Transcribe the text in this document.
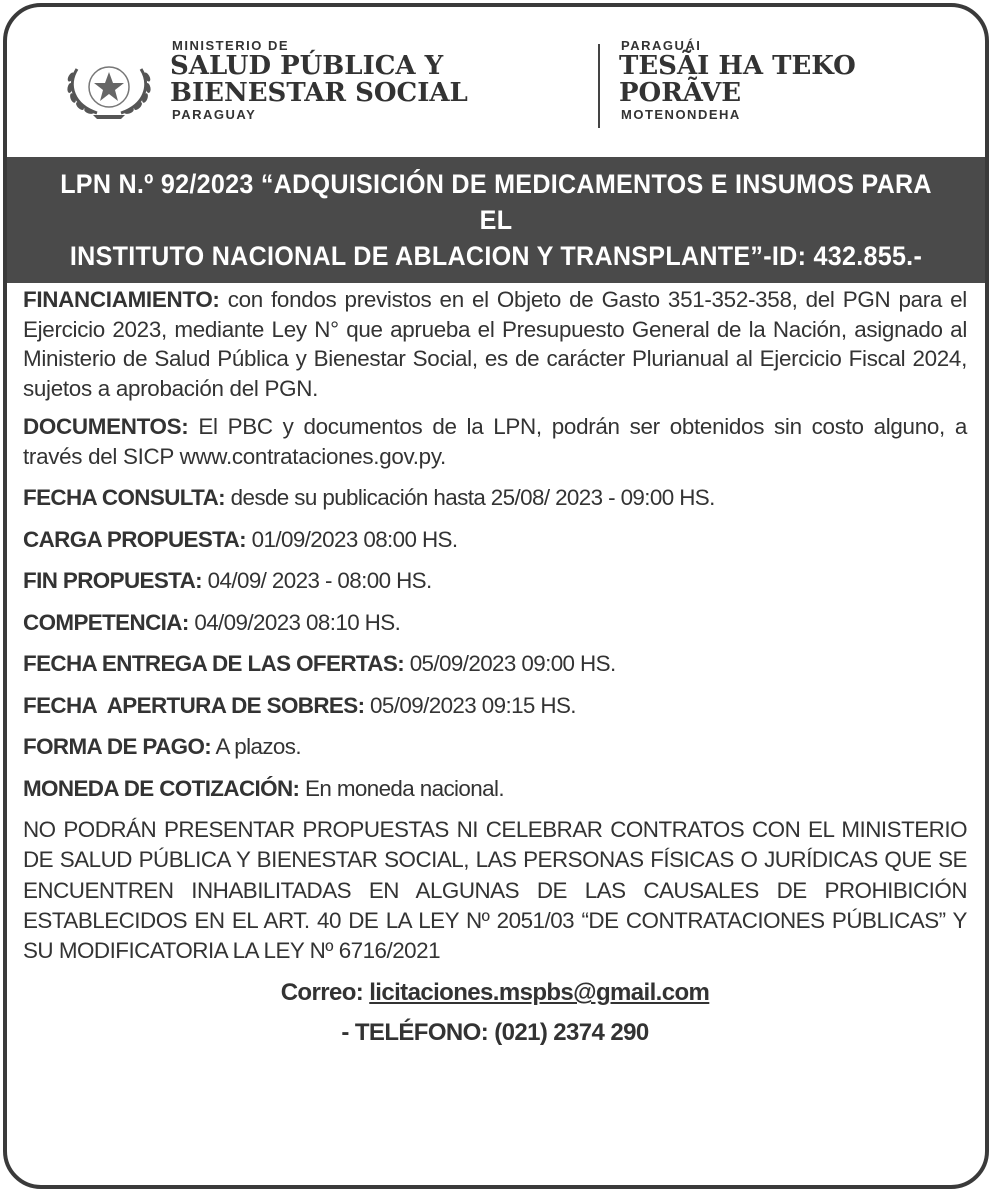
MINISTERIO DE
SALUD PÚBLICA Y
BIENESTAR SOCIAL
PARAGUAY
PARAGUÁI
TESÃI HA TEKO
PORÃVE
MOTENONDEHA
LPN N.º 92/2023 “ADQUISICIÓN DE MEDICAMENTOS E INSUMOS PARA EL
INSTITUTO NACIONAL DE ABLACION Y TRANSPLANTE”-ID: 432.855.-

FINANCIAMIENTO: con fondos previstos en el Objeto de Gasto 351-352-358, del PGN para el Ejercicio 2023, mediante Ley N° que aprueba el Presupuesto General de la Nación, asignado al Ministerio de Salud Pública y Bienestar Social, es de carácter Plurianual al Ejercicio Fiscal 2024, sujetos a aprobación del PGN.

DOCUMENTOS: El PBC y documentos de la LPN, podrán ser obtenidos sin costo alguno, a través del SICP www.contrataciones.gov.py.

FECHA CONSULTA: desde su publicación hasta 25/08/ 2023 - 09:00 HS.
CARGA PROPUESTA: 01/09/2023 08:00 HS.
FIN PROPUESTA: 04/09/ 2023 - 08:00 HS.
COMPETENCIA: 04/09/2023 08:10 HS.
FECHA ENTREGA DE LAS OFERTAS: 05/09/2023 09:00 HS.
FECHA  APERTURA DE SOBRES: 05/09/2023 09:15 HS.
FORMA DE PAGO: A plazos.
MONEDA DE COTIZACIÓN: En moneda nacional.

NO PODRÁN PRESENTAR PROPUESTAS NI CELEBRAR CONTRATOS CON EL MINISTERIO DE SALUD PÚBLICA Y BIENESTAR SOCIAL, LAS PERSONAS FÍSICAS O JURÍDICAS QUE SE ENCUENTREN INHABILITADAS EN ALGUNAS DE LAS CAUSALES DE PROHIBICIÓN ESTABLECIDOS EN EL ART. 40 DE LA LEY Nº 2051/03 “DE CONTRATACIONES PÚBLICAS” Y SU MODIFICATORIA LA LEY Nº 6716/2021

Correo: licitaciones.mspbs@gmail.com
- TELÉFONO: (021) 2374 290
